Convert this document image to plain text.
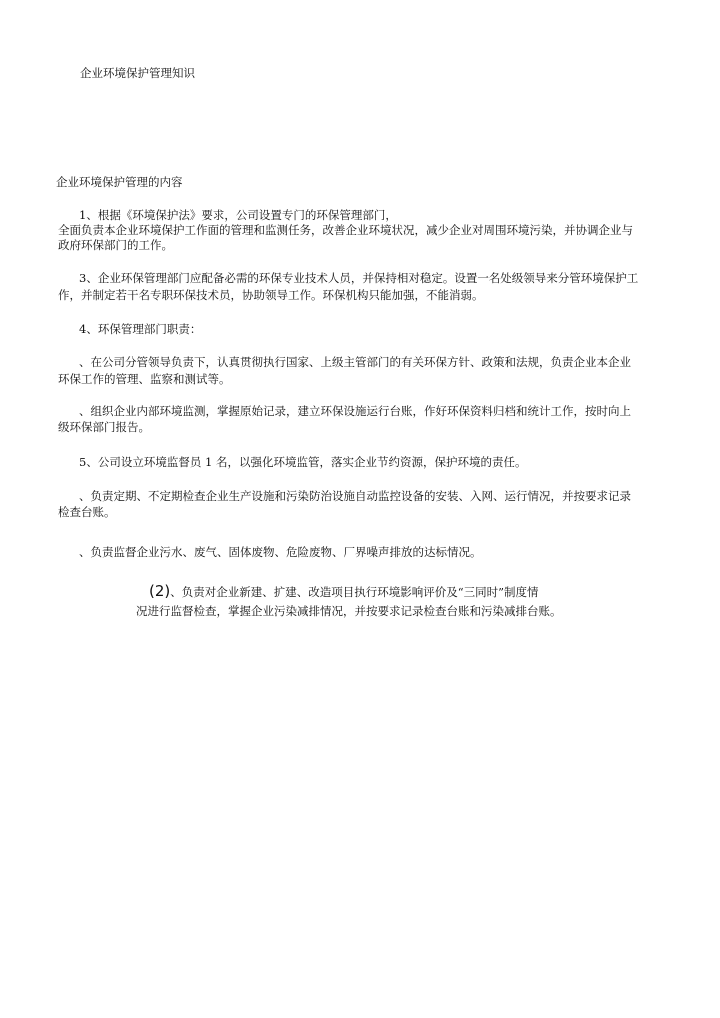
企业环境保护管理知识
企业环境保护管理的内容
1、根据《环境保护法》要求，公司设置专门的环保管理部门，
全面负责本企业环境保护工作面的管理和监测任务，改善企业环境状况，减少企业对周围环境污染，并协调企业与
政府环保部门的工作。
3、企业环保管理部门应配备必需的环保专业技术人员，并保持相对稳定。设置一名处级领导来分管环境保护工
作，并制定若干名专职环保技术员，协助领导工作。环保机构只能加强，不能消弱。
4、环保管理部门职责：
、在公司分管领导负责下，认真贯彻执行国家、上级主管部门的有关环保方针、政策和法规，负责企业本企业
环保工作的管理、监察和测试等。
、组织企业内部环境监测，掌握原始记录，建立环保设施运行台账，作好环保资料归档和统计工作，按时向上
级环保部门报告。
5、公司设立环境监督员 1 名，以强化环境监管，落实企业节约资源，保护环境的责任。
、负责定期、不定期检查企业生产设施和污染防治设施自动监控设备的安装、入网、运行情况，并按要求记录
检查台账。
、负责监督企业污水、废气、固体废物、危险废物、厂界噪声排放的达标情况。
(2)、负责对企业新建、扩建、改造项目执行环境影响评价及“三同时”制度情
况进行监督检查，掌握企业污染减排情况，并按要求记录检查台账和污染减排台账。
